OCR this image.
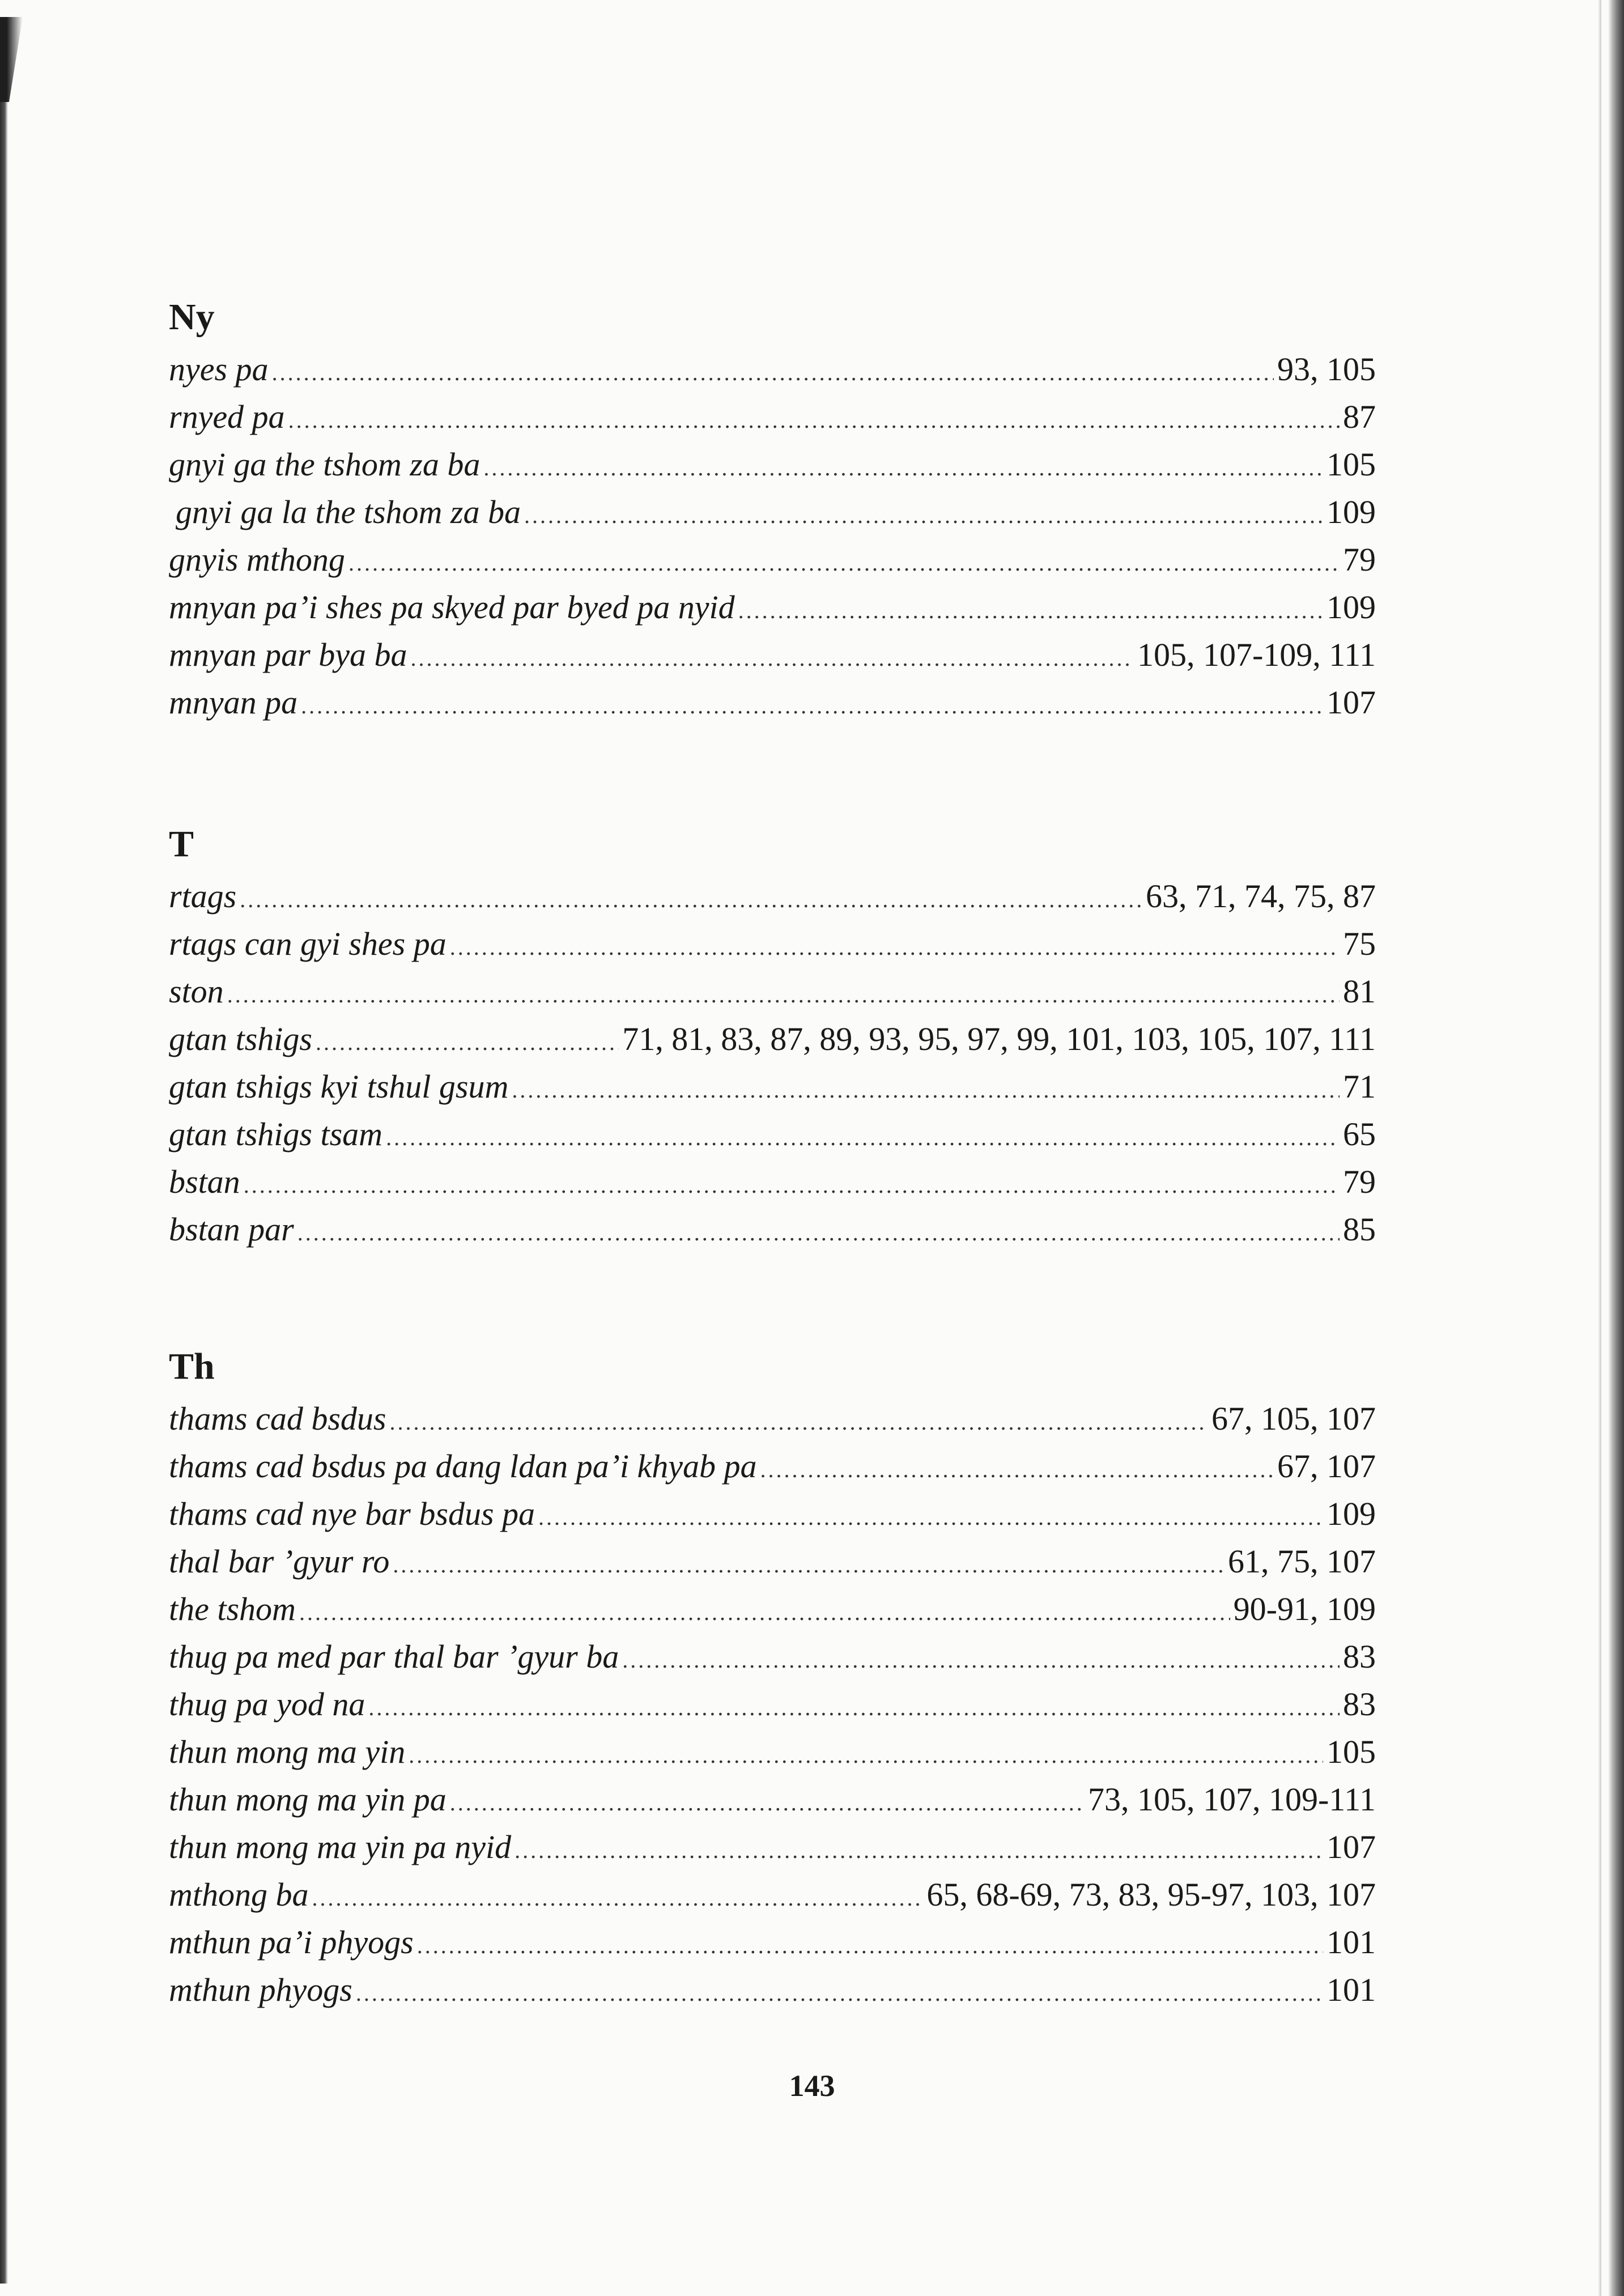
Ny
nyes pa .....	93, 105
rnyed pa .....	87
gnyi ga the tshom za ba .....	105
gnyi ga la the tshom za ba .....	109
gnyis mthong .....	79
mnyan pa’i shes pa skyed par byed pa nyid .....	109
mnyan par bya ba .....	105, 107-109, 111
mnyan pa .....	107
T
rtags .....	63, 71, 74, 75, 87
rtags can gyi shes pa .....	75
ston .....	81
gtan tshigs .....	71, 81, 83, 87, 89, 93, 95, 97, 99, 101, 103, 105, 107, 111
gtan tshigs kyi tshul gsum .....	71
gtan tshigs tsam .....	65
bstan .....	79
bstan par .....	85
Th
thams cad bsdus .....	67, 105, 107
thams cad bsdus pa dang ldan pa’i khyab pa .....	67, 107
thams cad nye bar bsdus pa .....	109
thal bar ’gyur ro .....	61, 75, 107
the tshom .....	90-91, 109
thug pa med par thal bar ’gyur ba .....	83
thug pa yod na .....	83
thun mong ma yin .....	105
thun mong ma yin pa .....	73, 105, 107, 109-111
thun mong ma yin pa nyid .....	107
mthong ba .....	65, 68-69, 73, 83, 95-97, 103, 107
mthun pa’i phyogs .....	101
mthun phyogs .....	101
143
